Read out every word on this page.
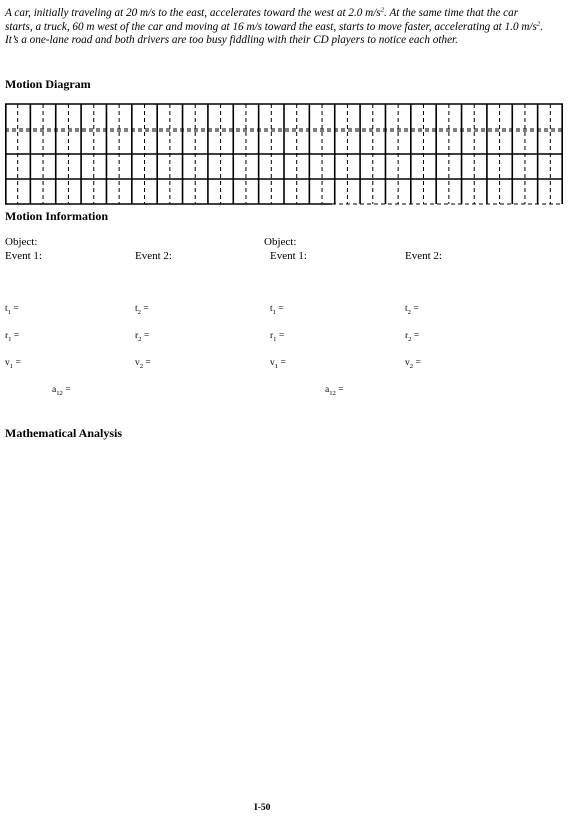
A car, initially traveling at 20 m/s to the east, accelerates toward the west at 2.0 $m/s^2$. At the same time that the car starts, a truck, 60 m west of the car and moving at 16 m/s toward the east, starts to move faster, accelerating at 1.0 $m/s^2$. It’s a one-lane road and both drivers are too busy fiddling with their CD players to notice each other.
Motion Diagram
Motion Information
Object:
Event 1:	Event 2:
$t_1$ =	$t_2$ =
$r_1$ =	$r_2$ =
$v_1$ =	$v_2$ =
$a_{12}$ =
Object:
Event 1:	Event 2:
$t_1$ =	$t_2$ =
$r_1$ =	$r_2$ =
$v_1$ =	$v_2$ =
$a_{12}$ =
Mathematical Analysis
I-50
